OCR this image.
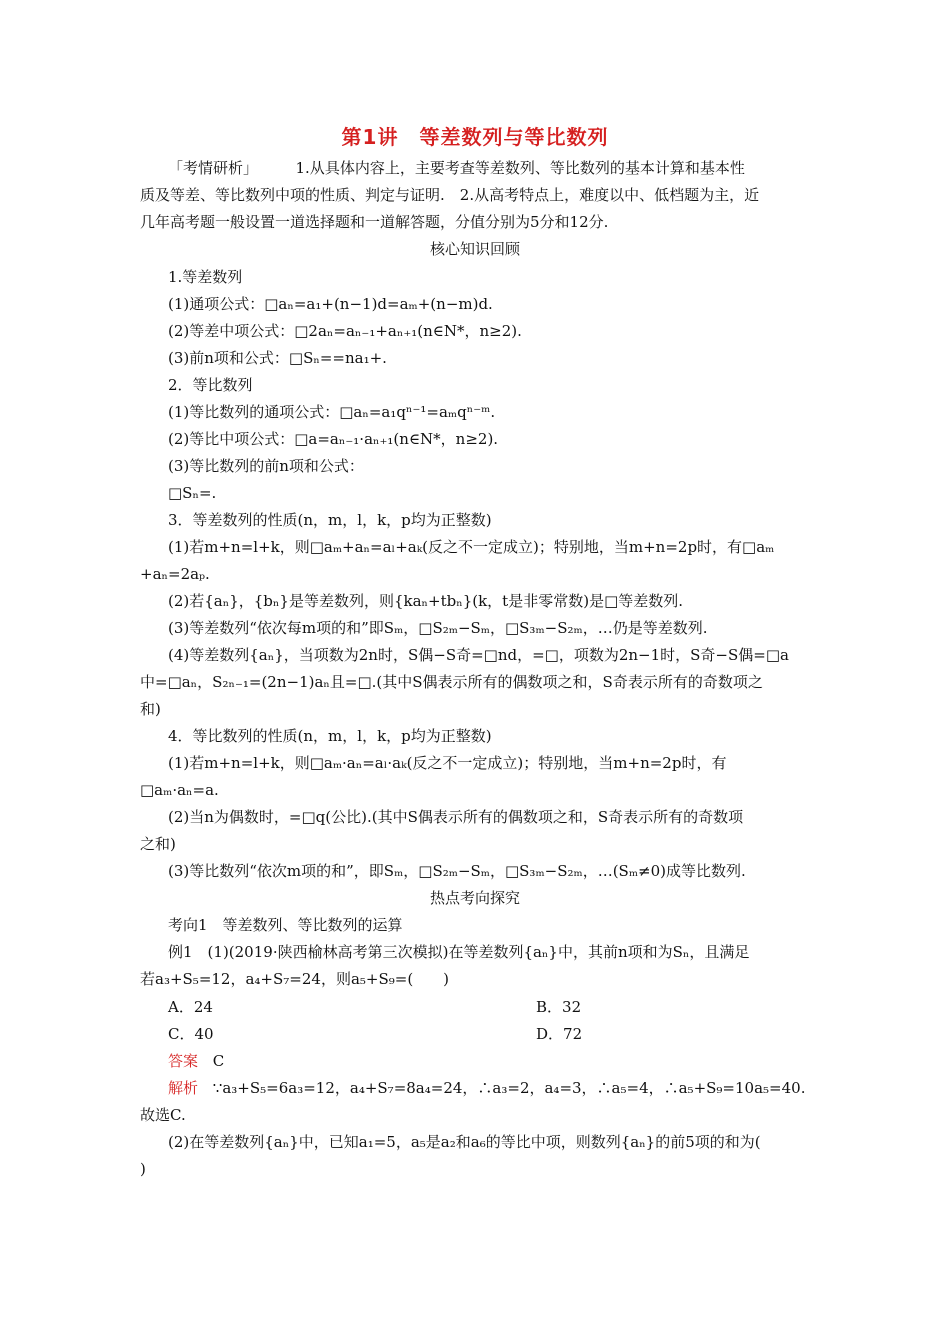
第1讲　等差数列与等比数列
「考情研析」　　　1.从具体内容上，主要考查等差数列、等比数列的基本计算和基本性
质及等差、等比数列中项的性质、判定与证明.　2.从高考特点上，难度以中、低档题为主，近
几年高考题一般设置一道选择题和一道解答题，分值分别为5分和12分.
核心知识回顾
1.等差数列
(1)通项公式：□aₙ=a₁+(n−1)d=aₘ+(n−m)d.
(2)等差中项公式：□2aₙ=aₙ₋₁+aₙ₊₁(n∈N*，n≥2).
(3)前n项和公式：□Sₙ==na₁+.
2．等比数列
(1)等比数列的通项公式：□aₙ=a₁qⁿ⁻¹=aₘqⁿ⁻ᵐ.
(2)等比中项公式：□a=aₙ₋₁·aₙ₊₁(n∈N*，n≥2).
(3)等比数列的前n项和公式：
□Sₙ=.
3．等差数列的性质(n，m，l，k，p均为正整数)
(1)若m+n=l+k，则□aₘ+aₙ=aₗ+aₖ(反之不一定成立)；特别地，当m+n=2p时，有□aₘ
+aₙ=2aₚ.
(2)若{aₙ}，{bₙ}是等差数列，则{kaₙ+tbₙ}(k，t是非零常数)是□等差数列.
(3)等差数列“依次每m项的和”即Sₘ，□S₂ₘ−Sₘ，□S₃ₘ−S₂ₘ，…仍是等差数列.
(4)等差数列{aₙ}，当项数为2n时，S偶−S奇=□nd，=□，项数为2n−1时，S奇−S偶=□a
中=□aₙ，S₂ₙ₋₁=(2n−1)aₙ且=□.(其中S偶表示所有的偶数项之和，S奇表示所有的奇数项之
和)
4．等比数列的性质(n，m，l，k，p均为正整数)
(1)若m+n=l+k，则□aₘ·aₙ=aₗ·aₖ(反之不一定成立)；特别地，当m+n=2p时，有
□aₘ·aₙ=a.
(2)当n为偶数时，=□q(公比).(其中S偶表示所有的偶数项之和，S奇表示所有的奇数项
之和)
(3)等比数列“依次m项的和”，即Sₘ，□S₂ₘ−Sₘ，□S₃ₘ−S₂ₘ，…(Sₘ≠0)成等比数列.
热点考向探究
考向1　等差数列、等比数列的运算
例1　(1)(2019·陕西榆林高考第三次模拟)在等差数列{aₙ}中，其前n项和为Sₙ，且满足
若a₃+S₅=12，a₄+S₇=24，则a₅+S₉=(　　)
A．24	B．32
C．40	D．72
答案 C
解析 ∵a₃+S₅=6a₃=12，a₄+S₇=8a₄=24，∴a₃=2，a₄=3，∴a₅=4，∴a₅+S₉=10a₅=40.
故选C.
(2)在等差数列{aₙ}中，已知a₁=5，a₅是a₂和a₆的等比中项，则数列{aₙ}的前5项的和为(
)
